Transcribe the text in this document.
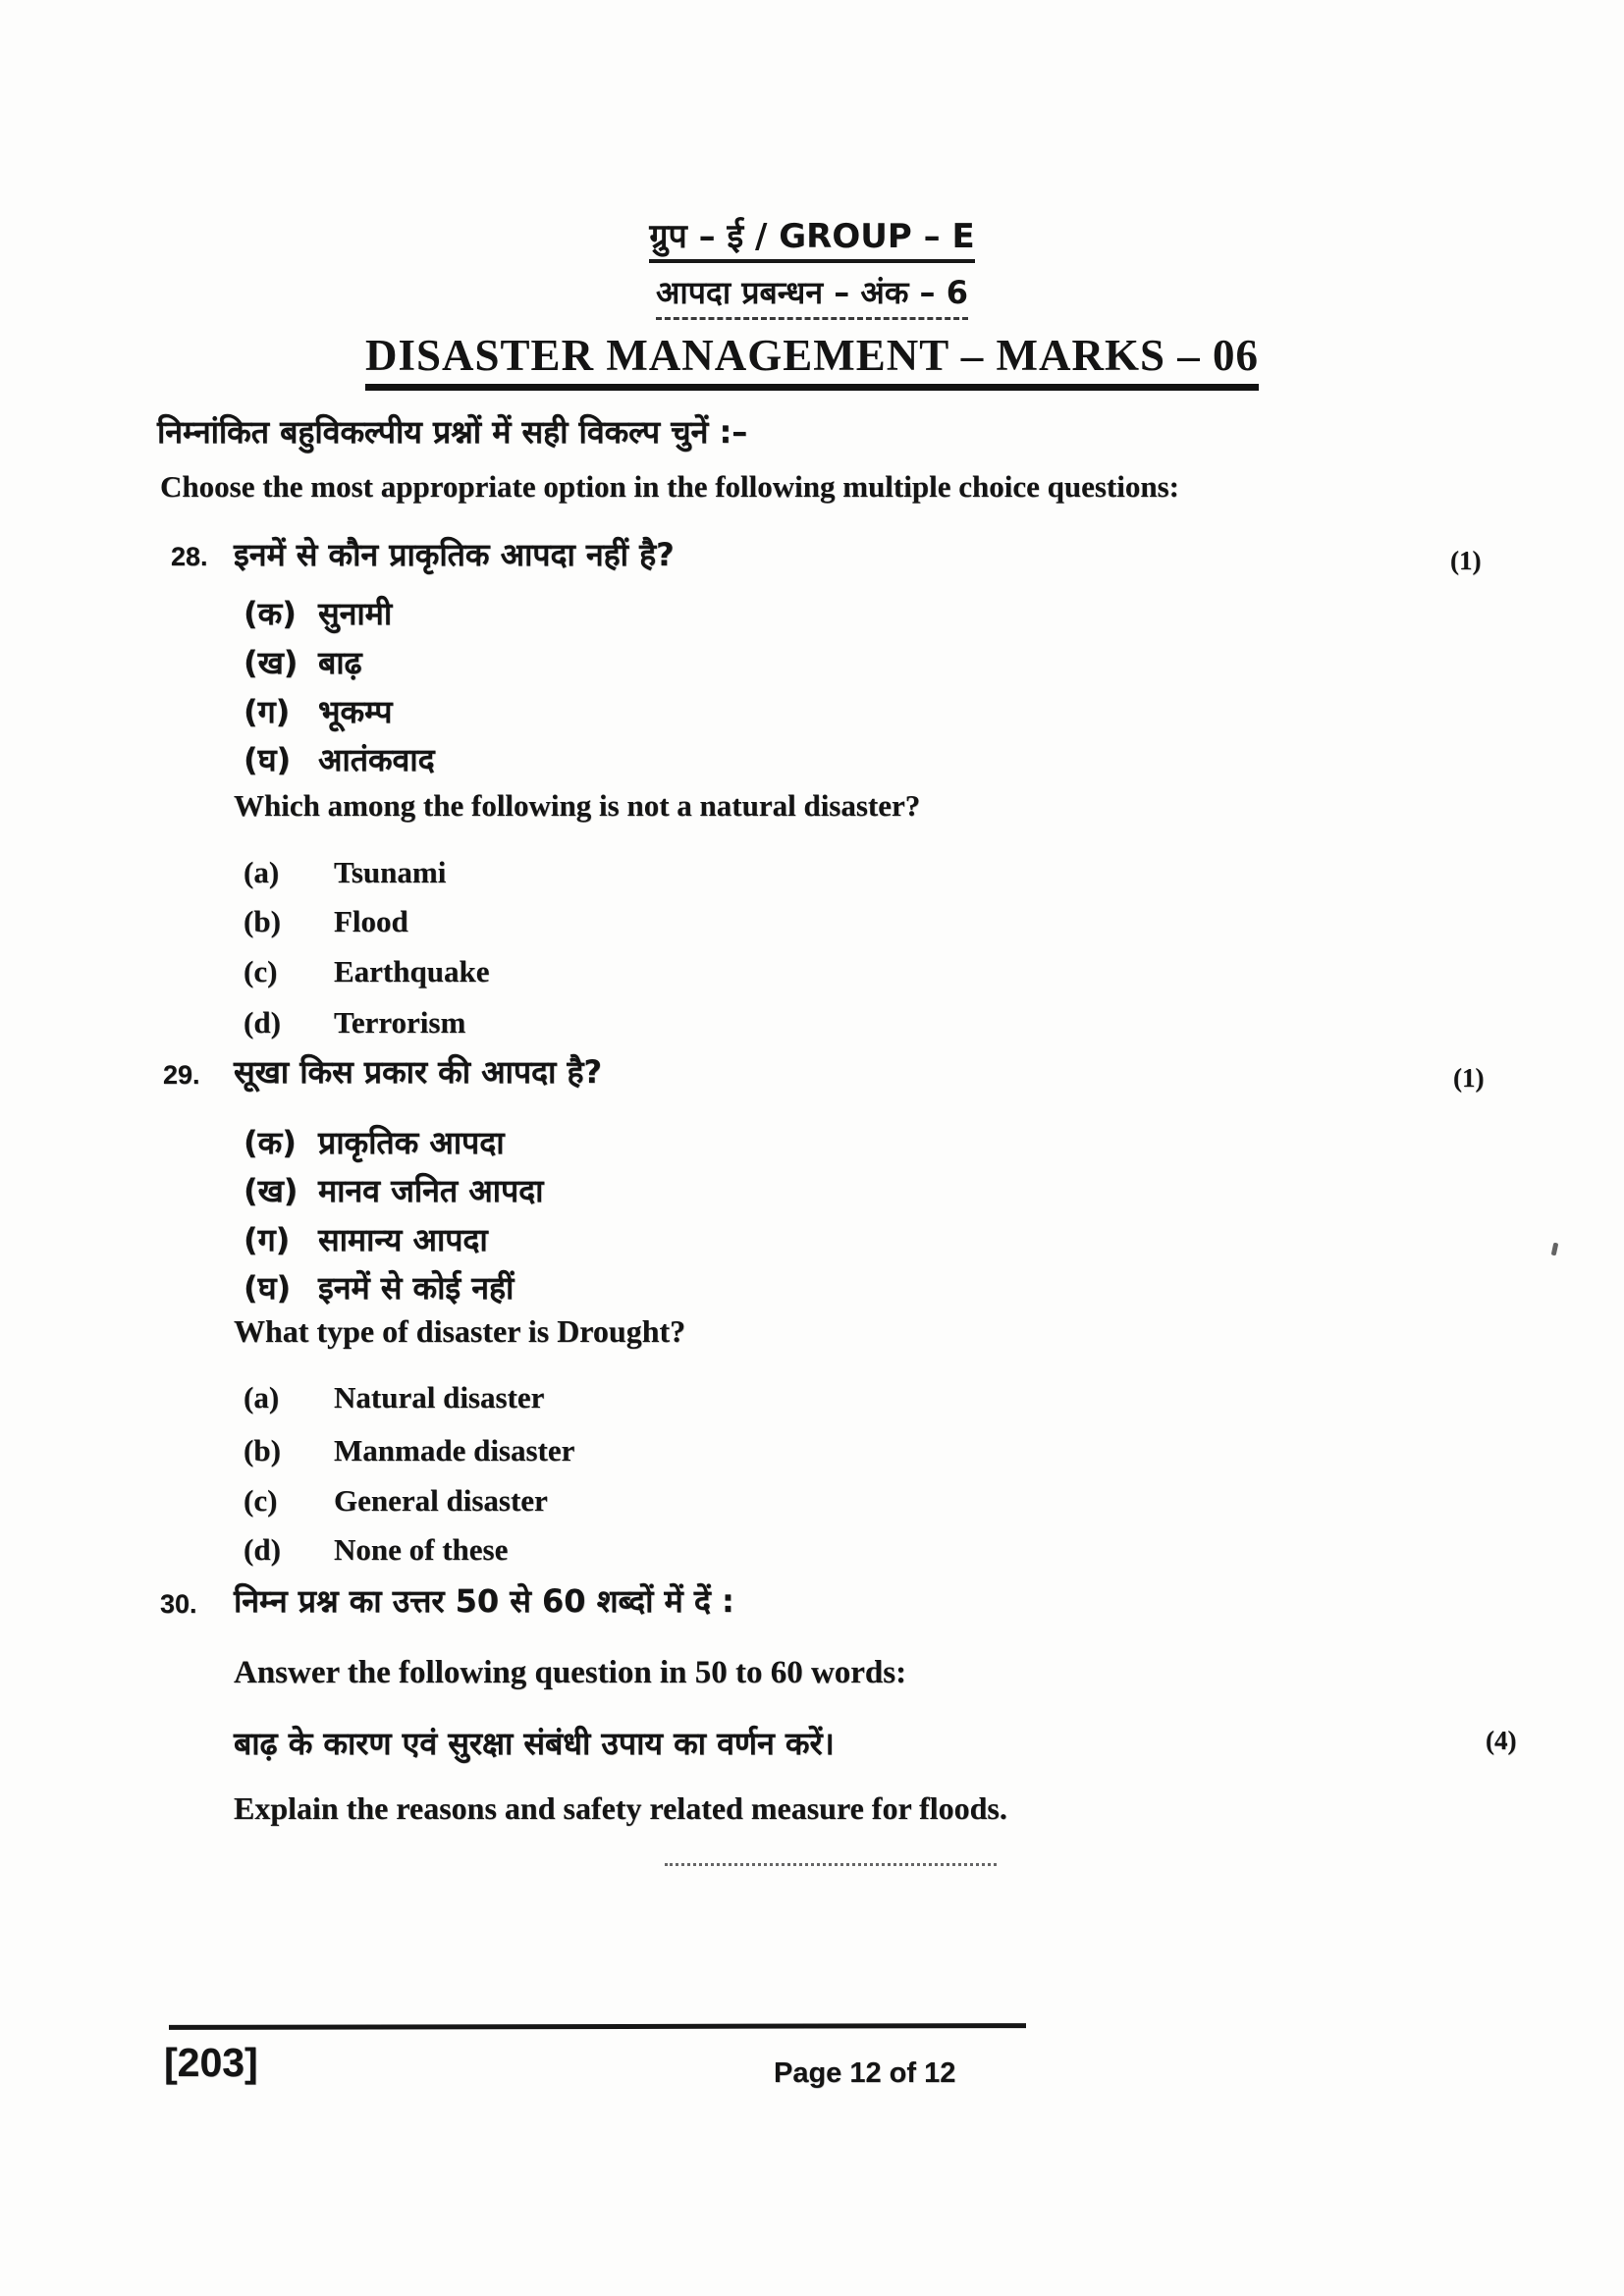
ग्रुप – ई / GROUP – E
आपदा प्रबन्धन – अंक – 6
DISASTER MANAGEMENT – MARKS – 06
निम्नांकित बहुविकल्पीय प्रश्नों में सही विकल्प चुनें :–
Choose the most appropriate option in the following multiple choice questions:
28. इनमें से कौन प्राकृतिक आपदा नहीं है?	(1)
(क) सुनामी
(ख) बाढ़
(ग) भूकम्प
(घ) आतंकवाद
Which among the following is not a natural disaster?
(a) Tsunami
(b) Flood
(c) Earthquake
(d) Terrorism
29. सूखा किस प्रकार की आपदा है?	(1)
(क) प्राकृतिक आपदा
(ख) मानव जनित आपदा
(ग) सामान्य आपदा
(घ) इनमें से कोई नहीं
What type of disaster is Drought?
(a) Natural disaster
(b) Manmade disaster
(c) General disaster
(d) None of these
30. निम्न प्रश्न का उत्तर 50 से 60 शब्दों में दें :
Answer the following question in 50 to 60 words:
बाढ़ के कारण एवं सुरक्षा संबंधी उपाय का वर्णन करें।	(4)
Explain the reasons and safety related measure for floods.
[203]	Page 12 of 12
